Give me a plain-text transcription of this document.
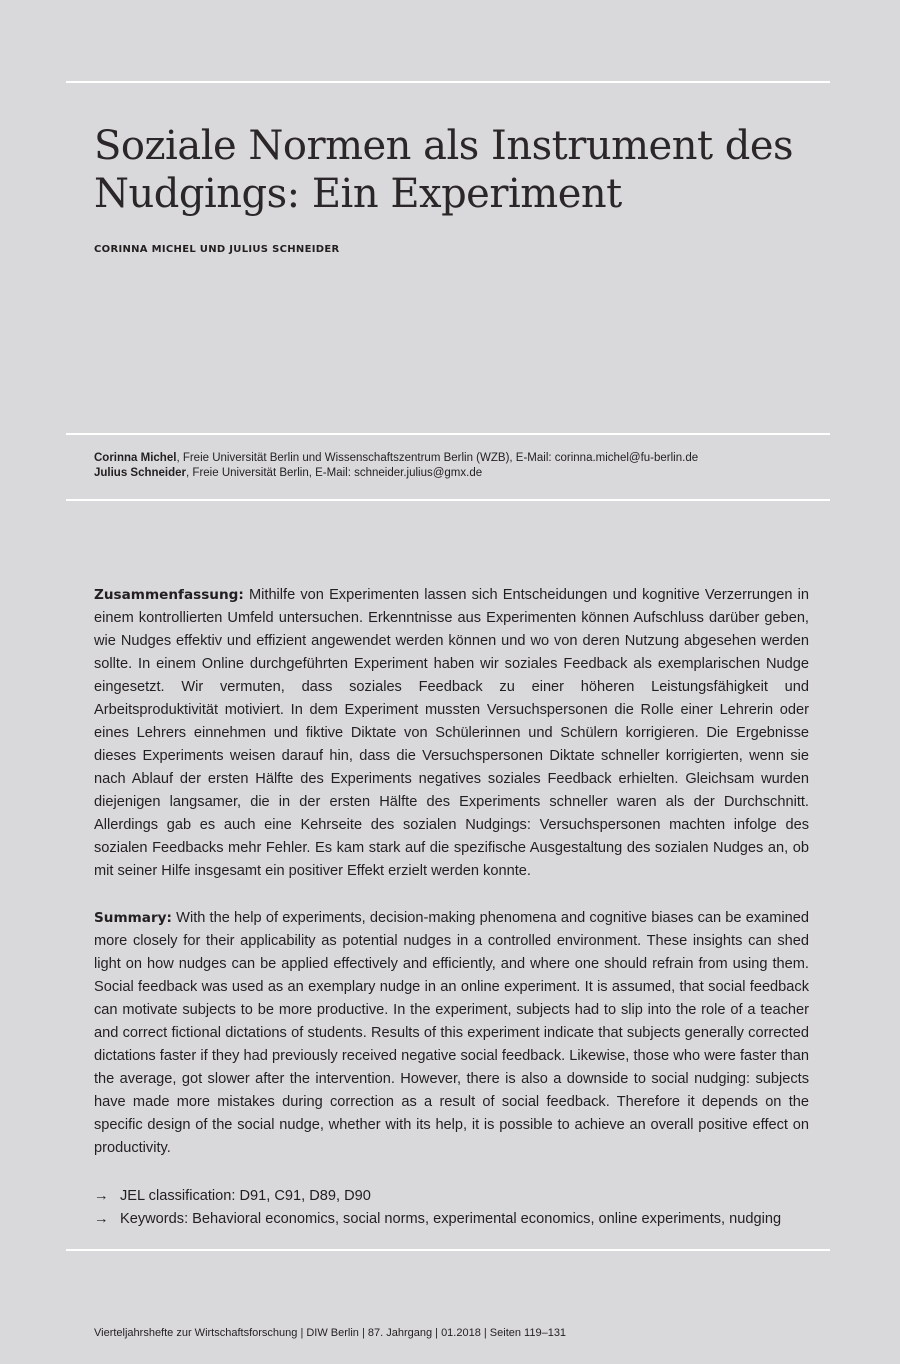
Soziale Normen als Instrument des Nudgings: Ein Experiment
CORINNA MICHEL UND JULIUS SCHNEIDER
Corinna Michel, Freie Universität Berlin und Wissenschaftszentrum Berlin (WZB), E-Mail: corinna.michel@fu-berlin.de
Julius Schneider, Freie Universität Berlin, E-Mail: schneider.julius@gmx.de

Zusammenfassung: Mithilfe von Experimenten lassen sich Entscheidungen und kognitive Verzerrungen in einem kontrollierten Umfeld untersuchen. Erkenntnisse aus Experimenten können Aufschluss darüber geben, wie Nudges effektiv und effizient angewendet werden können und wo von deren Nutzung abgesehen werden sollte. In einem Online durchgeführten Experiment haben wir soziales Feedback als exemplarischen Nudge eingesetzt. Wir vermuten, dass soziales Feedback zu einer höheren Leistungsfähigkeit und Arbeitsproduktivität motiviert. In dem Experiment mussten Versuchspersonen die Rolle einer Lehrerin oder eines Lehrers einnehmen und fiktive Diktate von Schülerinnen und Schülern korrigieren. Die Ergebnisse dieses Experiments weisen darauf hin, dass die Versuchspersonen Diktate schneller korrigierten, wenn sie nach Ablauf der ersten Hälfte des Experiments negatives soziales Feedback erhielten. Gleichsam wurden diejenigen langsamer, die in der ersten Hälfte des Experiments schneller waren als der Durchschnitt. Allerdings gab es auch eine Kehrseite des sozialen Nudgings: Versuchspersonen machten infolge des sozialen Feedbacks mehr Fehler. Es kam stark auf die spezifische Ausgestaltung des sozialen Nudges an, ob mit seiner Hilfe insgesamt ein positiver Effekt erzielt werden konnte.

Summary: With the help of experiments, decision-making phenomena and cognitive biases can be examined more closely for their applicability as potential nudges in a controlled environment. These insights can shed light on how nudges can be applied effectively and efficiently, and where one should refrain from using them. Social feedback was used as an exemplary nudge in an online experiment. It is assumed, that social feedback can motivate subjects to be more productive. In the experiment, subjects had to slip into the role of a teacher and correct fictional dictations of students. Results of this experiment indicate that subjects generally corrected dictations faster if they had previously received negative social feedback. Likewise, those who were faster than the average, got slower after the intervention. However, there is also a downside to social nudging: subjects have made more mistakes during correction as a result of social feedback. Therefore it depends on the specific design of the social nudge, whether with its help, it is possible to achieve an overall positive effect on productivity.

→ JEL classification: D91, C91, D89, D90
→ Keywords: Behavioral economics, social norms, experimental economics, online experiments, nudging
Vierteljahrshefte zur Wirtschaftsforschung | DIW Berlin | 87. Jahrgang | 01.2018 | Seiten 119–131
